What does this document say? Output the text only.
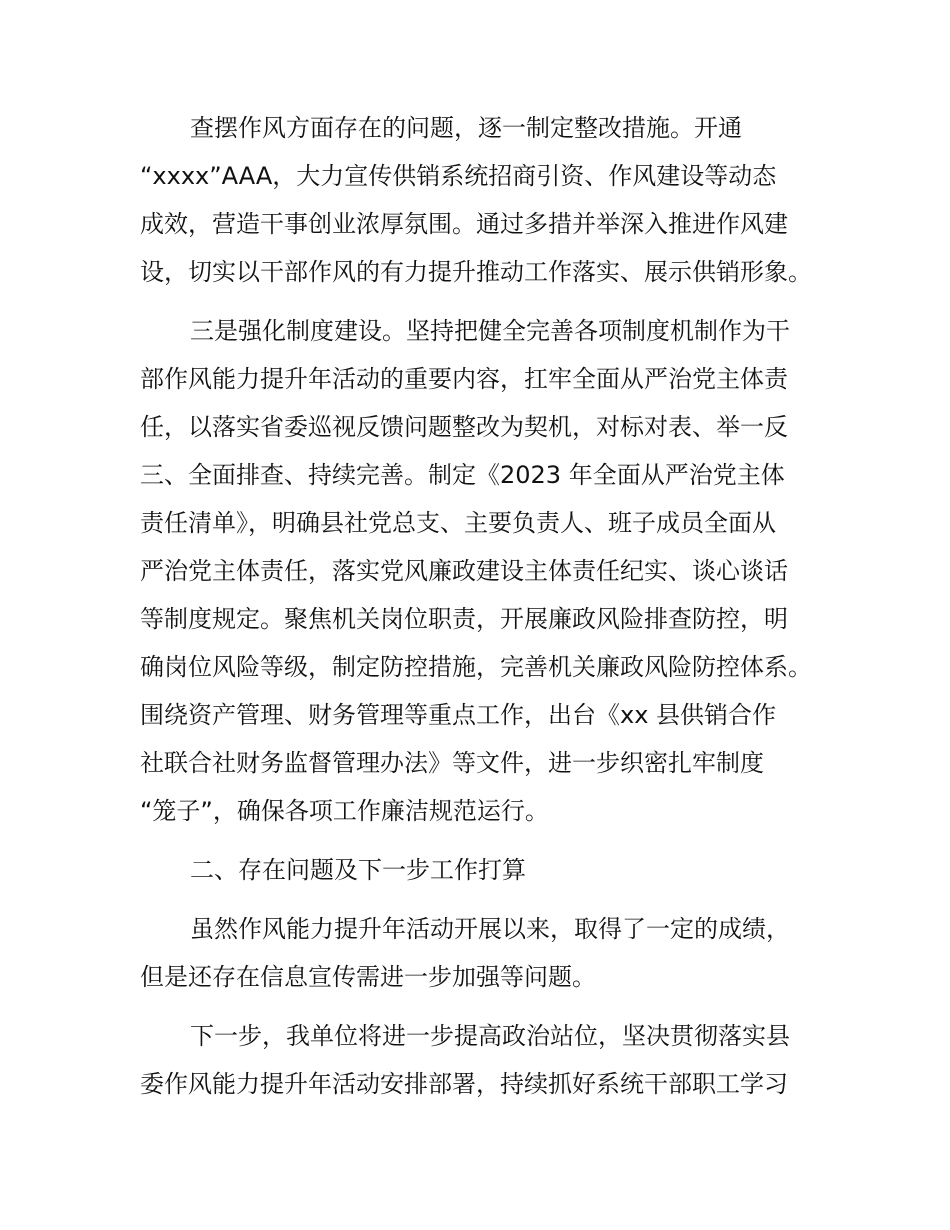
查摆作风方面存在的问题，逐一制定整改措施。开通
“xxxx”AAA，大力宣传供销系统招商引资、作风建设等动态
成效，营造干事创业浓厚氛围。通过多措并举深入推进作风建
设，切实以干部作风的有力提升推动工作落实、展示供销形象。

三是强化制度建设。坚持把健全完善各项制度机制作为干
部作风能力提升年活动的重要内容，扛牢全面从严治党主体责
任，以落实省委巡视反馈问题整改为契机，对标对表、举一反
三、全面排查、持续完善。制定《2023 年全面从严治党主体
责任清单》，明确县社党总支、主要负责人、班子成员全面从
严治党主体责任，落实党风廉政建设主体责任纪实、谈心谈话
等制度规定。聚焦机关岗位职责，开展廉政风险排查防控，明
确岗位风险等级，制定防控措施，完善机关廉政风险防控体系。
围绕资产管理、财务管理等重点工作，出台《xx 县供销合作
社联合社财务监督管理办法》等文件，进一步织密扎牢制度
“笼子”，确保各项工作廉洁规范运行。

二、存在问题及下一步工作打算

虽然作风能力提升年活动开展以来，取得了一定的成绩，
但是还存在信息宣传需进一步加强等问题。

下一步，我单位将进一步提高政治站位，坚决贯彻落实县
委作风能力提升年活动安排部署，持续抓好系统干部职工学习
